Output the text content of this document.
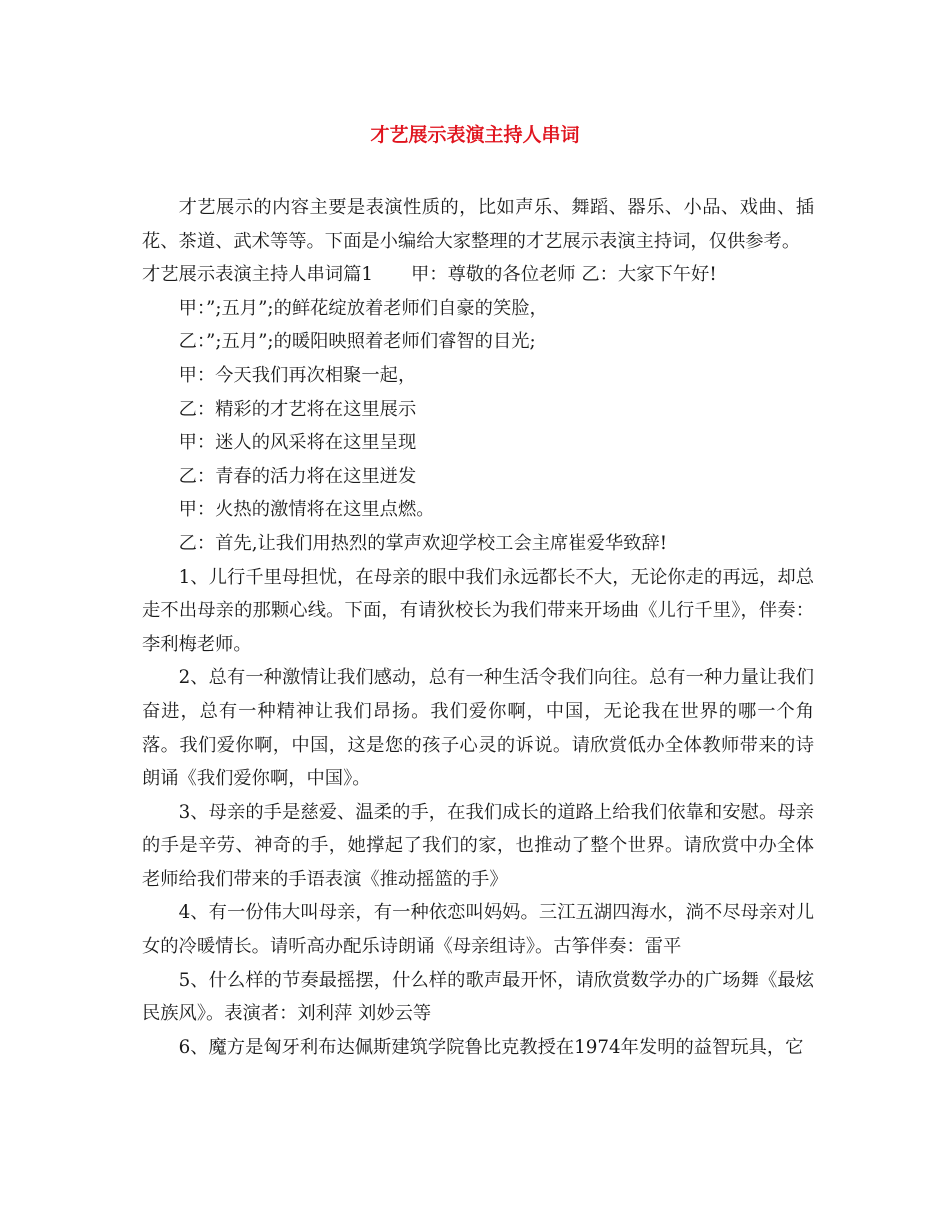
才艺展示表演主持人串词

才艺展示的内容主要是表演性质的，比如声乐、舞蹈、器乐、小品、戏曲、插花、茶道、武术等等。下面是小编给大家整理的才艺展示表演主持词，仅供参考。

才艺展示表演主持人串词篇1 甲：尊敬的各位老师 乙：大家下午好!

甲：”;五月”;的鲜花绽放着老师们自豪的笑脸，

乙：”;五月”;的暖阳映照着老师们睿智的目光;

甲：今天我们再次相聚一起，

乙：精彩的才艺将在这里展示

甲：迷人的风采将在这里呈现

乙：青春的活力将在这里迸发

甲：火热的激情将在这里点燃。

乙：首先,让我们用热烈的掌声欢迎学校工会主席崔爱华致辞!

1、儿行千里母担忧，在母亲的眼中我们永远都长不大，无论你走的再远，却总走不出母亲的那颗心线。下面，有请狄校长为我们带来开场曲《儿行千里》，伴奏：李利梅老师。

2、总有一种激情让我们感动，总有一种生活令我们向往。总有一种力量让我们奋进，总有一种精神让我们昂扬。我们爱你啊，中国，无论我在世界的哪一个角落。我们爱你啊，中国，这是您的孩子心灵的诉说。请欣赏低办全体教师带来的诗朗诵《我们爱你啊，中国》。

3、母亲的手是慈爱、温柔的手，在我们成长的道路上给我们依靠和安慰。母亲的手是辛劳、神奇的手，她撑起了我们的家，也推动了整个世界。请欣赏中办全体老师给我们带来的手语表演《推动摇篮的手》

4、有一份伟大叫母亲，有一种依恋叫妈妈。三江五湖四海水，淌不尽母亲对儿女的冷暖情长。请听高办配乐诗朗诵《母亲组诗》。古筝伴奏：雷平

5、什么样的节奏最摇摆，什么样的歌声最开怀，请欣赏数学办的广场舞《最炫民族风》。表演者：刘利萍 刘妙云等

6、魔方是匈牙利布达佩斯建筑学院鲁比克教授在1974年发明的益智玩具，它
